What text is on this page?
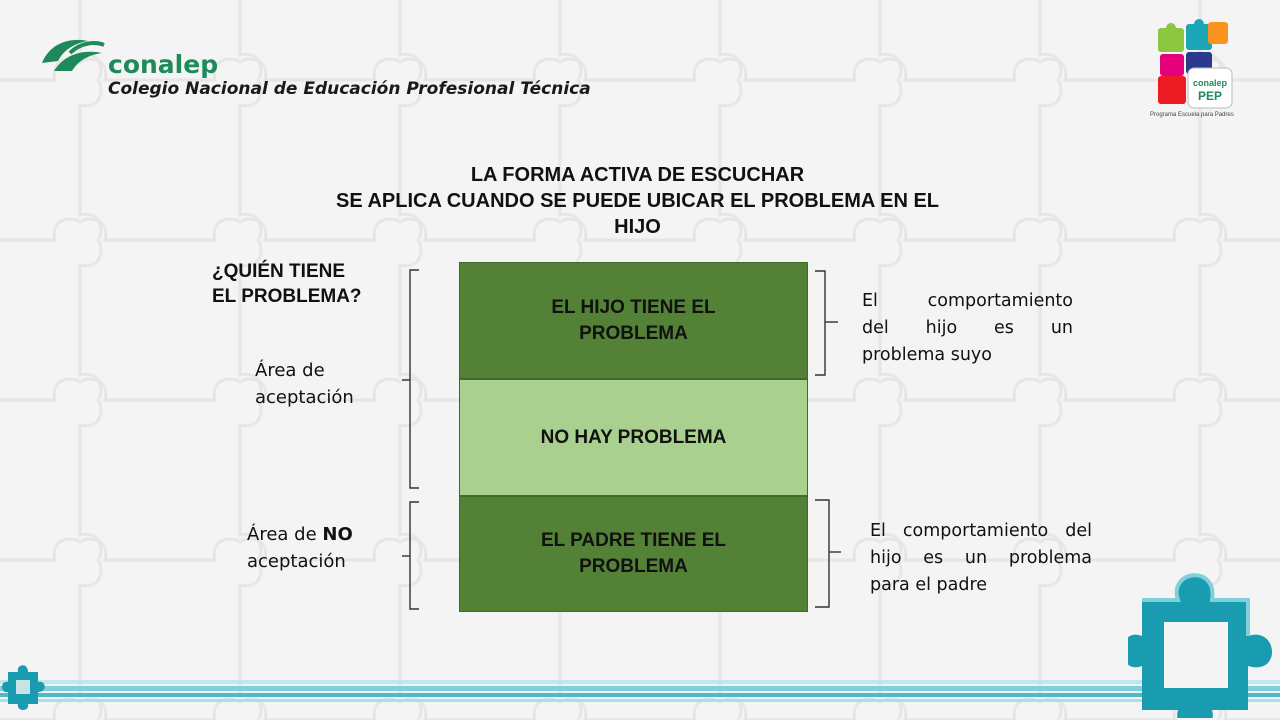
conalep
Colegio Nacional de Educación Profesional Técnica	conalep
PEP
Programa Escuela para Padres
LA FORMA ACTIVA DE ESCUCHAR
SE APLICA CUANDO SE PUEDE UBICAR EL PROBLEMA EN EL
HIJO
¿QUIÉN TIENE
EL PROBLEMA?	EL HIJO TIENE EL
PROBLEMA
NO HAY PROBLEMA
EL PADRE TIENE EL
PROBLEMA
Área de
aceptación
Área de NO
aceptación
El comportamiento
del hijo es un
problema suyo
El comportamiento del
hijo es un problema
para el padre
